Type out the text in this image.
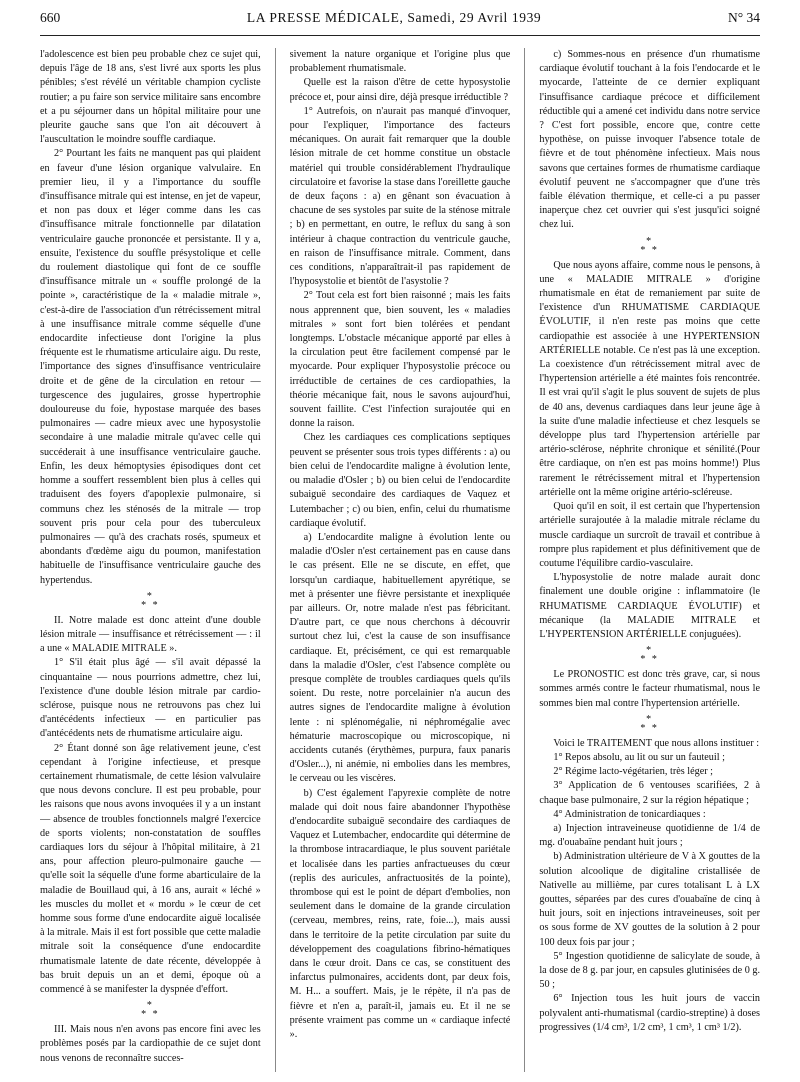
660	LA PRESSE MÉDICALE, Samedi, 29 Avril 1939	N° 34

l'adolescence est bien peu probable chez ce sujet qui, depuis l'âge de 18 ans, s'est livré aux sports les plus pénibles; s'est révélé un véritable champion cycliste routier; a pu faire son service militaire sans encombre et a pu séjourner dans un hôpital militaire pour une pleurite gauche sans que l'on ait découvert à l'auscultation le moindre souffle cardiaque.

2° Pourtant les faits ne manquent pas qui plaident en faveur d'une lésion organique valvulaire. En premier lieu, il y a l'importance du souffle d'insuffisance mitrale qui est intense, en jet de vapeur, et non pas doux et léger comme dans les cas d'insuffisance mitrale fonctionnelle par dilatation ventriculaire gauche prononcée et persistante. Il y a, ensuite, l'existence du souffle présystolique et celle du roulement diastolique qui font de ce souffle d'insuffisance mitrale un « souffle prolongé de la pointe », caractéristique de la « maladie mitrale », c'est-à-dire de l'association d'un rétrécissement mitral à une insuffisance mitrale comme séquelle d'une endocardite infectieuse dont l'origine la plus fréquente est le rhumatisme articulaire aigu. Du reste, l'importance des signes d'insuffisance ventriculaire droite et de gêne de la circulation en retour — turgescence des jugulaires, grosse hypertrophie douloureuse du foie, hypostase marquée des bases pulmonaires — cadre mieux avec une hyposystolie secondaire à une maladie mitrale qu'avec celle qui succéderait à une insuffisance ventriculaire gauche. Enfin, les deux hémoptysies épisodiques dont cet homme a souffert ressemblent bien plus à celles qui traduisent des foyers d'apoplexie pulmonaire, si communs chez les sténosés de la mitrale — trop souvent pris pour cela pour des tuberculeux pulmonaires — qu'à des crachats rosés, spumeux et abondants d'œdème aigu du poumon, manifestation habituelle de l'insuffisance ventriculaire gauche des hypertendus.

*
* *

II. Notre malade est donc atteint d'une double lésion mitrale — insuffisance et rétrécissement — : il a une « MALADIE MITRALE ».

1° S'il était plus âgé — s'il avait dépassé la cinquantaine — nous pourrions admettre, chez lui, l'existence d'une double lésion mitrale par cardio-sclérose, puisque nous ne retrouvons pas chez lui d'antécédents infectieux — en particulier pas d'antécédents nets de rhumatisme articulaire aigu.

2° Étant donné son âge relativement jeune, c'est cependant à l'origine infectieuse, et presque certainement rhumatismale, de cette lésion valvulaire que nous devons conclure. Il est peu probable, pour les raisons que nous avons invoquées il y a un instant — absence de troubles fonctionnels malgré l'exercice de sports violents; non-constatation de souffles cardiaques lors du séjour à l'hôpital militaire, à 21 ans, pour affection pleuro-pulmonaire gauche — qu'elle soit la séquelle d'une forme abarticulaire de la maladie de Bouillaud qui, à 16 ans, aurait « léché » les muscles du mollet et « mordu » le cœur de cet homme sous forme d'une endocardite aiguë localisée à la mitrale. Mais il est fort possible que cette maladie mitrale soit la conséquence d'une endocardite rhumatismale latente de date récente, développée à bas bruit depuis un an et demi, époque où a commencé à se manifester la dyspnée d'effort.

*
* *

III. Mais nous n'en avons pas encore fini avec les problèmes posés par la cardiopathie de ce sujet dont nous venons de reconnaître succes-

sivement la nature organique et l'origine plus que probablement rhumatismale.

Quelle est la raison d'être de cette hyposystolie précoce et, pour ainsi dire, déjà presque irréductible ?

1° Autrefois, on n'aurait pas manqué d'invoquer, pour l'expliquer, l'importance des facteurs mécaniques. On aurait fait remarquer que la double lésion mitrale de cet homme constitue un obstacle matériel qui trouble considérablement l'hydraulique circulatoire et favorise la stase dans l'oreillette gauche de deux façons : a) en gênant son évacuation à chacune de ses systoles par suite de la sténose mitrale ; b) en permettant, en outre, le reflux du sang à son intérieur à chaque contraction du ventricule gauche, en raison de l'insuffisance mitrale. Comment, dans ces conditions, n'apparaîtrait-il pas rapidement de l'hyposystolie et bientôt de l'asystolie ?

2° Tout cela est fort bien raisonné ; mais les faits nous apprennent que, bien souvent, les « maladies mitrales » sont fort bien tolérées et pendant longtemps. L'obstacle mécanique apporté par elles à la circulation peut être facilement compensé par le myocarde. Pour expliquer l'hyposystolie précoce ou irréductible de certaines de ces cardiopathies, la théorie mécanique fait, nous le savons aujourd'hui, souvent faillite. C'est l'infection surajoutée qui en donne la raison.

Chez les cardiaques ces complications septiques peuvent se présenter sous trois types différents : a) ou bien celui de l'endocardite maligne à évolution lente, ou maladie d'Osler ; b) ou bien celui de l'endocardite subaiguë secondaire des cardiaques de Vaquez et Lutembacher ; c) ou bien, enfin, celui du rhumatisme cardiaque évolutif.

a) L'endocardite maligne à évolution lente ou maladie d'Osler n'est certainement pas en cause dans le cas présent. Elle ne se discute, en effet, que lorsqu'un cardiaque, habituellement apyrétique, se met à présenter une fièvre persistante et inexpliquée par ailleurs. Or, notre malade n'est pas fébricitant. D'autre part, ce que nous cherchons à découvrir surtout chez lui, c'est la cause de son insuffisance cardiaque. Et, précisément, ce qui est remarquable dans la maladie d'Osler, c'est l'absence complète ou presque complète de troubles cardiaques quels qu'ils soient. Du reste, notre porcelainier n'a aucun des autres signes de l'endocardite maligne à évolution lente : ni splénomégalie, ni néphromégalie avec hématurie macroscopique ou microscopique, ni accidents cutanés (érythèmes, purpura, faux panaris d'Osler...), ni anémie, ni embolies dans les membres, le cerveau ou les viscères.

b) C'est également l'apyrexie complète de notre malade qui doit nous faire abandonner l'hypothèse d'endocardite subaiguë secondaire des cardiaques de Vaquez et Lutembacher, endocardite qui détermine de la thrombose intracardiaque, le plus souvent pariétale et localisée dans les parties anfractueuses du cœur (replis des auricules, anfractuosités de la pointe), thrombose qui est le point de départ d'embolies, non seulement dans le domaine de la grande circulation (cerveau, membres, reins, rate, foie...), mais aussi dans le territoire de la petite circulation par suite du développement des coagulations fibrino-hématiques dans le cœur droit. Dans ce cas, se constituent des infarctus pulmonaires, accidents dont, par deux fois, M. H... a souffert. Mais, je le répète, il n'a pas de fièvre et n'en a, paraît-il, jamais eu. Et il ne se présente vraiment pas comme un « cardiaque infecté ».

c) Sommes-nous en présence d'un rhumatisme cardiaque évolutif touchant à la fois l'endocarde et le myocarde, l'atteinte de ce dernier expliquant l'insuffisance cardiaque précoce et difficilement réductible qui a amené cet individu dans notre service ? C'est fort possible, encore que, contre cette hypothèse, on puisse invoquer l'absence totale de fièvre et de tout phénomène infectieux. Mais nous savons que certaines formes de rhumatisme cardiaque évolutif peuvent ne s'accompagner que d'une très faible élévation thermique, et celle-ci a pu passer inaperçue chez cet ouvrier qui s'est jusqu'ici soigné chez lui.

*
* *

Que nous ayons affaire, comme nous le pensons, à une « MALADIE MITRALE » d'origine rhumatismale en état de remaniement par suite de l'existence d'un RHUMATISME CARDIAQUE ÉVOLUTIF, il n'en reste pas moins que cette cardiopathie est associée à une HYPERTENSION ARTÉRIELLE notable. Ce n'est pas là une exception. La coexistence d'un rétrécissement mitral avec de l'hypertension artérielle a été maintes fois rencontrée. Il est vrai qu'il s'agit le plus souvent de sujets de plus de 40 ans, devenus cardiaques dans leur jeune âge à la suite d'une maladie infectieuse et chez lesquels se développe plus tard l'hypertension artérielle par artério-sclérose, néphrite chronique et sénilité.(Pour être cardiaque, on n'en est pas moins homme!) Plus rarement le rétrécissement mitral et l'hypertension artérielle ont la même origine artério-scléreuse.

Quoi qu'il en soit, il est certain que l'hypertension artérielle surajoutée à la maladie mitrale réclame du muscle cardiaque un surcroît de travail et contribue à rompre plus rapidement et plus définitivement que de coutume l'équilibre cardio-vasculaire.

L'hyposystolie de notre malade aurait donc finalement une double origine : inflammatoire (le RHUMATISME CARDIAQUE ÉVOLUTIF) et mécanique (la MALADIE MITRALE et L'HYPERTENSION ARTÉRIELLE conjuguées).

*
* *

Le PRONOSTIC est donc très grave, car, si nous sommes armés contre le facteur rhumatismal, nous le sommes bien mal contre l'hypertension artérielle.

*
* *

Voici le TRAITEMENT que nous allons instituer :

1° Repos absolu, au lit ou sur un fauteuil ;

2° Régime lacto-végétarien, très léger ;

3° Application de 6 ventouses scarifiées, 2 à chaque base pulmonaire, 2 sur la région hépatique ;

4° Administration de tonicardiaques :

a) Injection intraveineuse quotidienne de 1/4 de mg. d'ouabaïne pendant huit jours ;

b) Administration ultérieure de V à X gouttes de la solution alcoolique de digitaline cristallisée de Nativelle au millième, par cures totalisant L à LX gouttes, séparées par des cures d'ouabaïne de cinq à huit jours, soit en injections intraveineuses, soit per os sous forme de XV gouttes de la solution à 2 pour 100 deux fois par jour ;

5° Ingestion quotidienne de salicylate de soude, à la dose de 8 g. par jour, en capsules glutinisées de 0 g. 50 ;

6° Injection tous les huit jours de vaccin polyvalent anti-rhumatismal (cardio-streptine) à doses progressives (1/4 cm³, 1/2 cm³, 1 cm³, 1 cm³ 1/2).
